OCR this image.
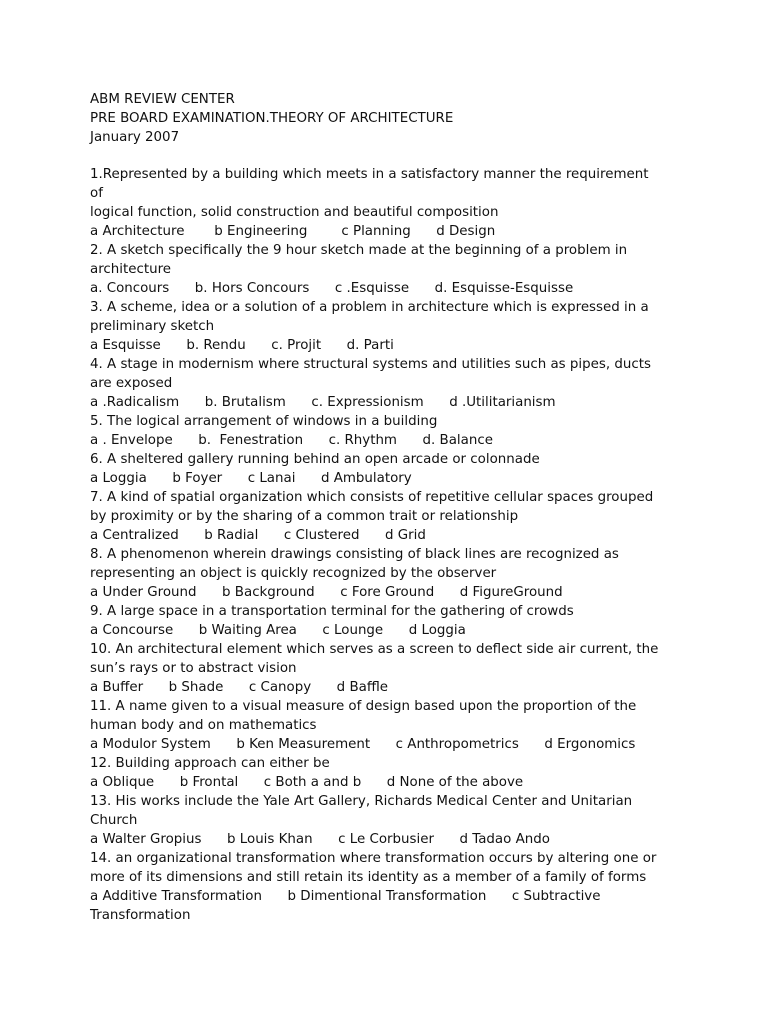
ABM REVIEW CENTER
PRE BOARD EXAMINATION.THEORY OF ARCHITECTURE
January 2007
1.Represented by a building which meets in a satisfactory manner the requirement
of
logical function, solid construction and beautiful composition
a Architecture       b Engineering        c Planning      d Design
2. A sketch specifically the 9 hour sketch made at the beginning of a problem in
architecture
a. Concours      b. Hors Concours      c .Esquisse      d. Esquisse-Esquisse
3. A scheme, idea or a solution of a problem in architecture which is expressed in a
preliminary sketch
a Esquisse      b. Rendu      c. Projit      d. Parti
4. A stage in modernism where structural systems and utilities such as pipes, ducts
are exposed
a .Radicalism      b. Brutalism      c. Expressionism      d .Utilitarianism
5. The logical arrangement of windows in a building
a . Envelope      b.  Fenestration      c. Rhythm      d. Balance
6. A sheltered gallery running behind an open arcade or colonnade
a Loggia      b Foyer      c Lanai      d Ambulatory
7. A kind of spatial organization which consists of repetitive cellular spaces grouped
by proximity or by the sharing of a common trait or relationship
a Centralized      b Radial      c Clustered      d Grid
8. A phenomenon wherein drawings consisting of black lines are recognized as
representing an object is quickly recognized by the observer
a Under Ground      b Background      c Fore Ground      d FigureGround
9. A large space in a transportation terminal for the gathering of crowds
a Concourse      b Waiting Area      c Lounge      d Loggia
10. An architectural element which serves as a screen to deflect side air current, the
sun’s rays or to abstract vision
a Buffer      b Shade      c Canopy      d Baffle
11. A name given to a visual measure of design based upon the proportion of the
human body and on mathematics
a Modulor System      b Ken Measurement      c Anthropometrics      d Ergonomics
12. Building approach can either be
a Oblique      b Frontal      c Both a and b      d None of the above
13. His works include the Yale Art Gallery, Richards Medical Center and Unitarian
Church
a Walter Gropius      b Louis Khan      c Le Corbusier      d Tadao Ando
14. an organizational transformation where transformation occurs by altering one or
more of its dimensions and still retain its identity as a member of a family of forms
a Additive Transformation      b Dimentional Transformation      c Subtractive
Transformation
